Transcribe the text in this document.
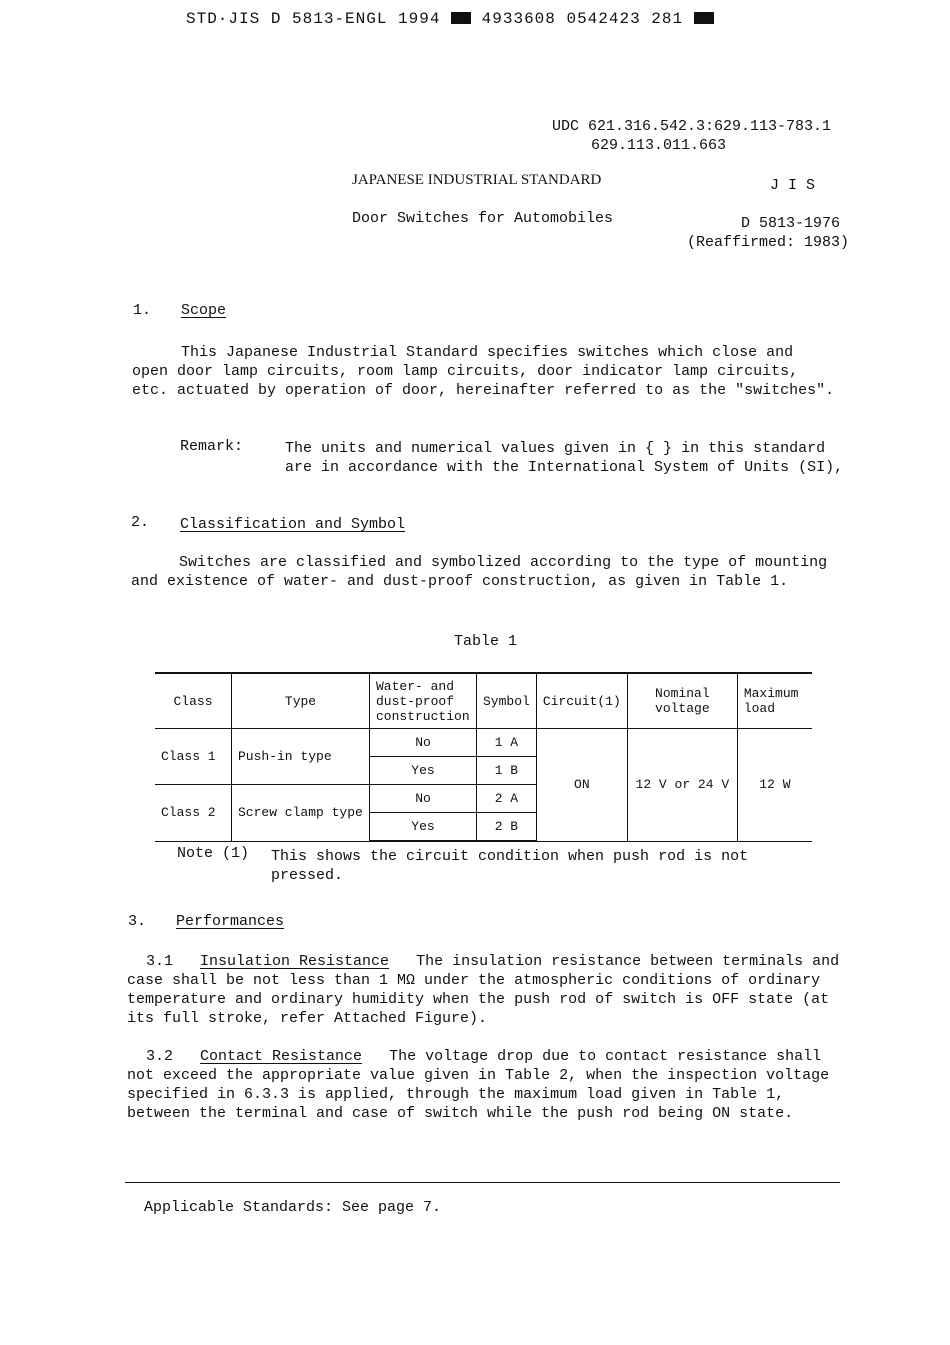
STD·JIS D 5813-ENGL 1994	4933608 0542423 281
UDC 621.316.542.3:629.113-783.1
629.113.011.663
JAPANESE INDUSTRIAL STANDARD	J I S
Door Switches for Automobiles	D 5813-1976
(Reaffirmed: 1983)
1. Scope

This Japanese Industrial Standard specifies switches which close and open door lamp circuits, room lamp circuits, door indicator lamp circuits, etc. actuated by operation of door, hereinafter referred to as the "switches".

Remark:	The units and numerical values given in { } in this standard are in accordance with the International System of Units (SI),

2. Classification and Symbol

Switches are classified and symbolized according to the type of mounting and existence of water- and dust-proof construction, as given in Table 1.

Table 1
Class	Type	Water- and dust-proof construction	Symbol	Circuit(1)	Nominal voltage	Maximum load
Class 1	Push-in type	No	1 A	ON	12 V or 24 V	12 W
		Yes	1 B			
Class 2	Screw clamp type	No	2 A			
		Yes	2 B			
Note (1) This shows the circuit condition when push rod is not pressed.

3. Performances

3.1 Insulation Resistance The insulation resistance between terminals and case shall be not less than 1 MΩ under the atmospheric conditions of ordinary temperature and ordinary humidity when the push rod of switch is OFF state (at its full stroke, refer Attached Figure).

3.2 Contact Resistance The voltage drop due to contact resistance shall not exceed the appropriate value given in Table 2, when the inspection voltage specified in 6.3.3 is applied, through the maximum load given in Table 1, between the terminal and case of switch while the push rod being ON state.

Applicable Standards: See page 7.
